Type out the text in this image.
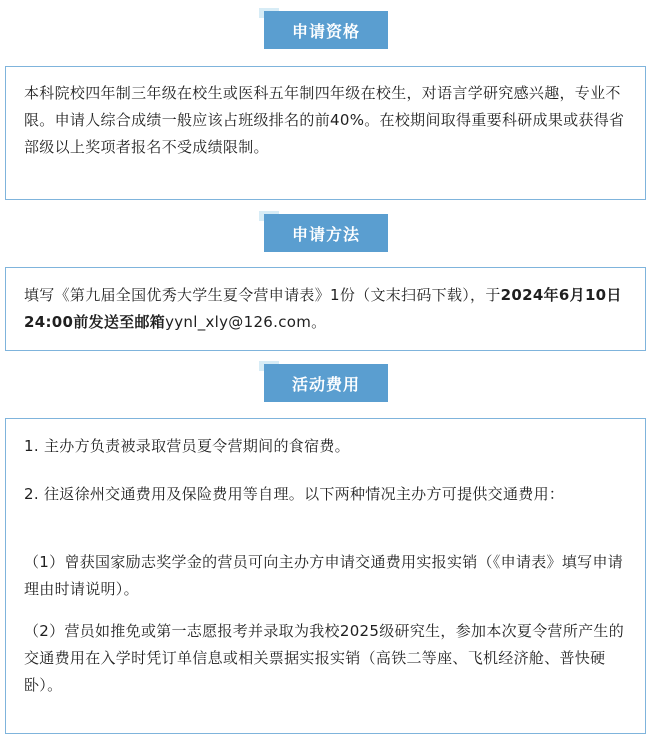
申请资格
本科院校四年制三年级在校生或医科五年制四年级在校生，对语言学研究感兴趣，专业不限。申请人综合成绩一般应该占班级排名的前40%。在校期间取得重要科研成果或获得省部级以上奖项者报名不受成绩限制。
申请方法
填写《第九届全国优秀大学生夏令营申请表》1份（文末扫码下载），于2024年6月10日24:00前发送至邮箱yynl_xly@126.com。
活动费用
1. 主办方负责被录取营员夏令营期间的食宿费。
2. 往返徐州交通费用及保险费用等自理。以下两种情况主办方可提供交通费用：
（1）曾获国家励志奖学金的营员可向主办方申请交通费用实报实销（《申请表》填写申请理由时请说明）。
（2）营员如推免或第一志愿报考并录取为我校2025级研究生，参加本次夏令营所产生的交通费用在入学时凭订单信息或相关票据实报实销（高铁二等座、飞机经济舱、普快硬卧）。
